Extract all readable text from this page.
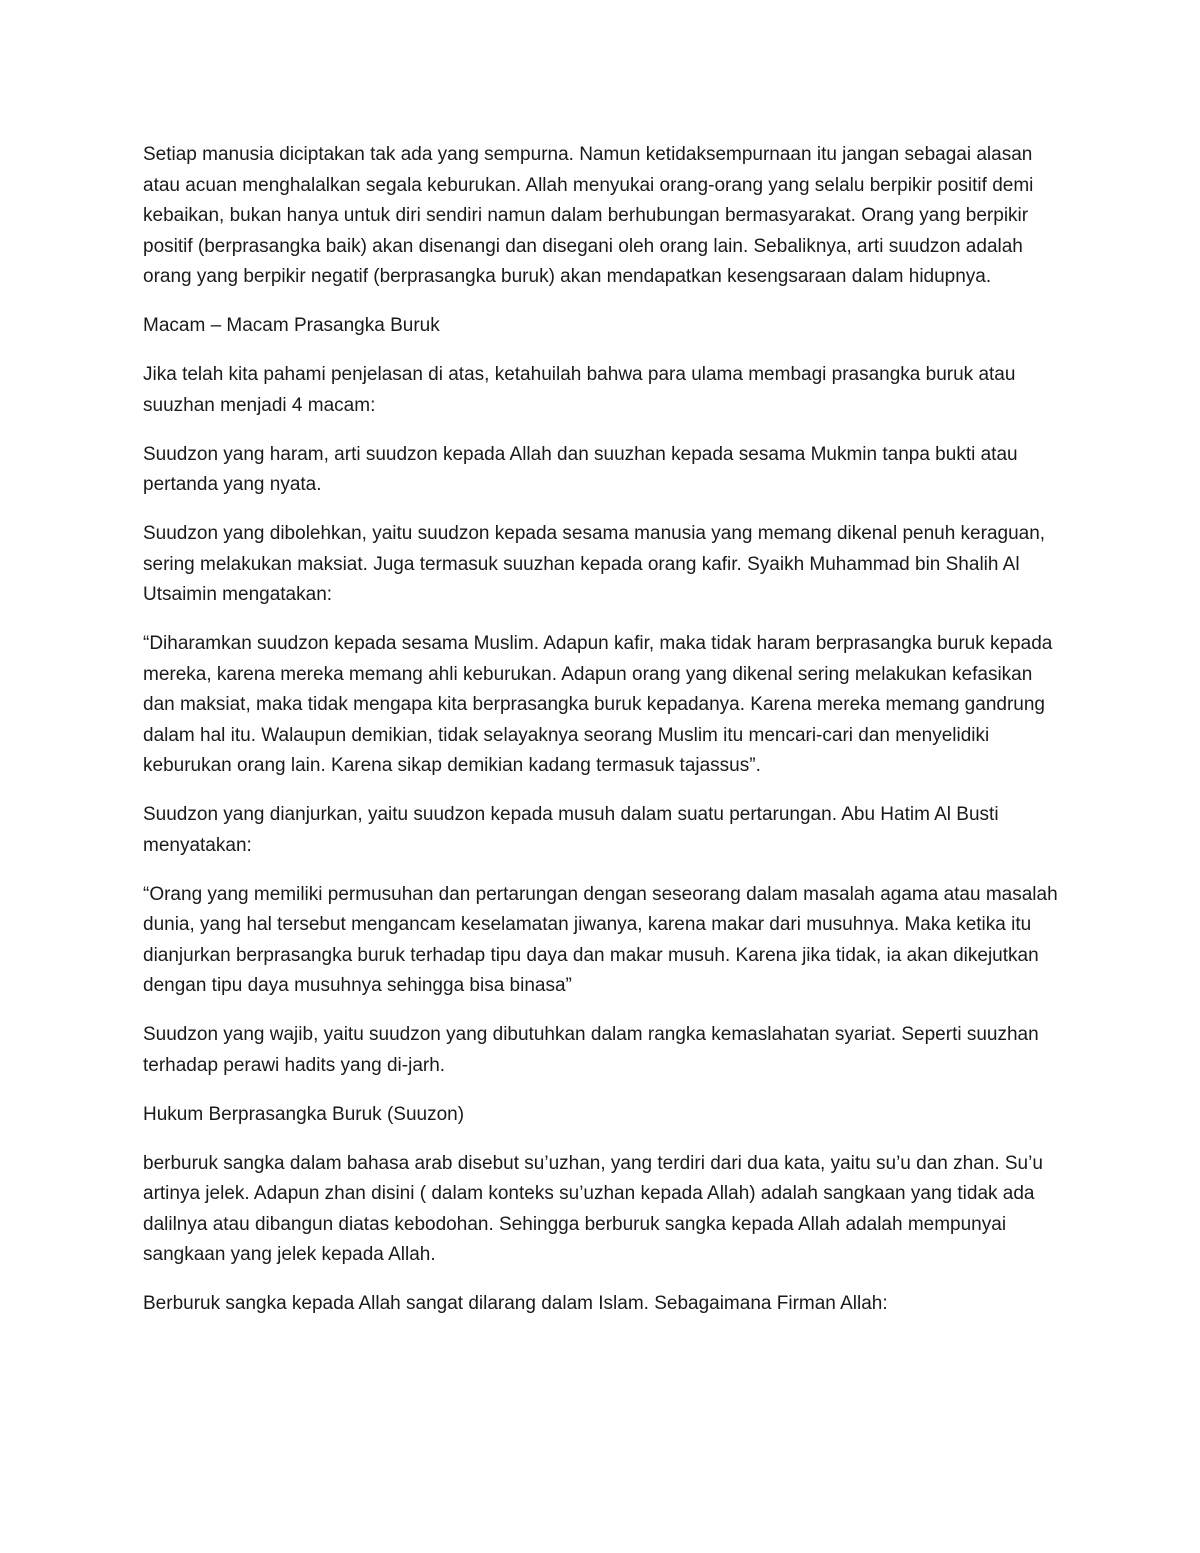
Setiap manusia diciptakan tak ada yang sempurna. Namun ketidaksempurnaan itu jangan sebagai alasan atau acuan menghalalkan segala keburukan. Allah menyukai orang-orang yang selalu berpikir positif demi kebaikan, bukan hanya untuk diri sendiri namun dalam berhubungan bermasyarakat. Orang yang berpikir positif (berprasangka baik) akan disenangi dan disegani oleh orang lain. Sebaliknya, arti suudzon adalah orang yang berpikir negatif (berprasangka buruk) akan mendapatkan kesengsaraan dalam hidupnya.

Macam – Macam Prasangka Buruk

Jika telah kita pahami penjelasan di atas, ketahuilah bahwa para ulama membagi prasangka buruk atau suuzhan menjadi 4 macam:

Suudzon yang haram, arti suudzon kepada Allah dan suuzhan kepada sesama Mukmin tanpa bukti atau pertanda yang nyata.

Suudzon yang dibolehkan, yaitu suudzon kepada sesama manusia yang memang dikenal penuh keraguan, sering melakukan maksiat. Juga termasuk suuzhan kepada orang kafir. Syaikh Muhammad bin Shalih Al Utsaimin mengatakan:

“Diharamkan suudzon kepada sesama Muslim. Adapun kafir, maka tidak haram berprasangka buruk kepada mereka, karena mereka memang ahli keburukan. Adapun orang yang dikenal sering melakukan kefasikan dan maksiat, maka tidak mengapa kita berprasangka buruk kepadanya. Karena mereka memang gandrung dalam hal itu. Walaupun demikian, tidak selayaknya seorang Muslim itu mencari-cari dan menyelidiki keburukan orang lain. Karena sikap demikian kadang termasuk tajassus”.

Suudzon yang dianjurkan, yaitu suudzon kepada musuh dalam suatu pertarungan. Abu Hatim Al Busti menyatakan:

“Orang yang memiliki permusuhan dan pertarungan dengan seseorang dalam masalah agama atau masalah dunia, yang hal tersebut mengancam keselamatan jiwanya, karena makar dari musuhnya. Maka ketika itu dianjurkan berprasangka buruk terhadap tipu daya dan makar musuh. Karena jika tidak, ia akan dikejutkan dengan tipu daya musuhnya sehingga bisa binasa”

Suudzon yang wajib, yaitu suudzon yang dibutuhkan dalam rangka kemaslahatan syariat. Seperti suuzhan terhadap perawi hadits yang di-jarh.

Hukum Berprasangka Buruk (Suuzon)

berburuk sangka dalam bahasa arab disebut su’uzhan, yang terdiri dari dua kata, yaitu su’u dan zhan. Su’u artinya jelek. Adapun zhan disini ( dalam konteks su’uzhan kepada Allah) adalah sangkaan yang tidak ada dalilnya atau dibangun diatas kebodohan. Sehingga berburuk sangka kepada Allah adalah mempunyai sangkaan yang jelek kepada Allah.

Berburuk sangka kepada Allah sangat dilarang dalam Islam. Sebagaimana Firman Allah:
